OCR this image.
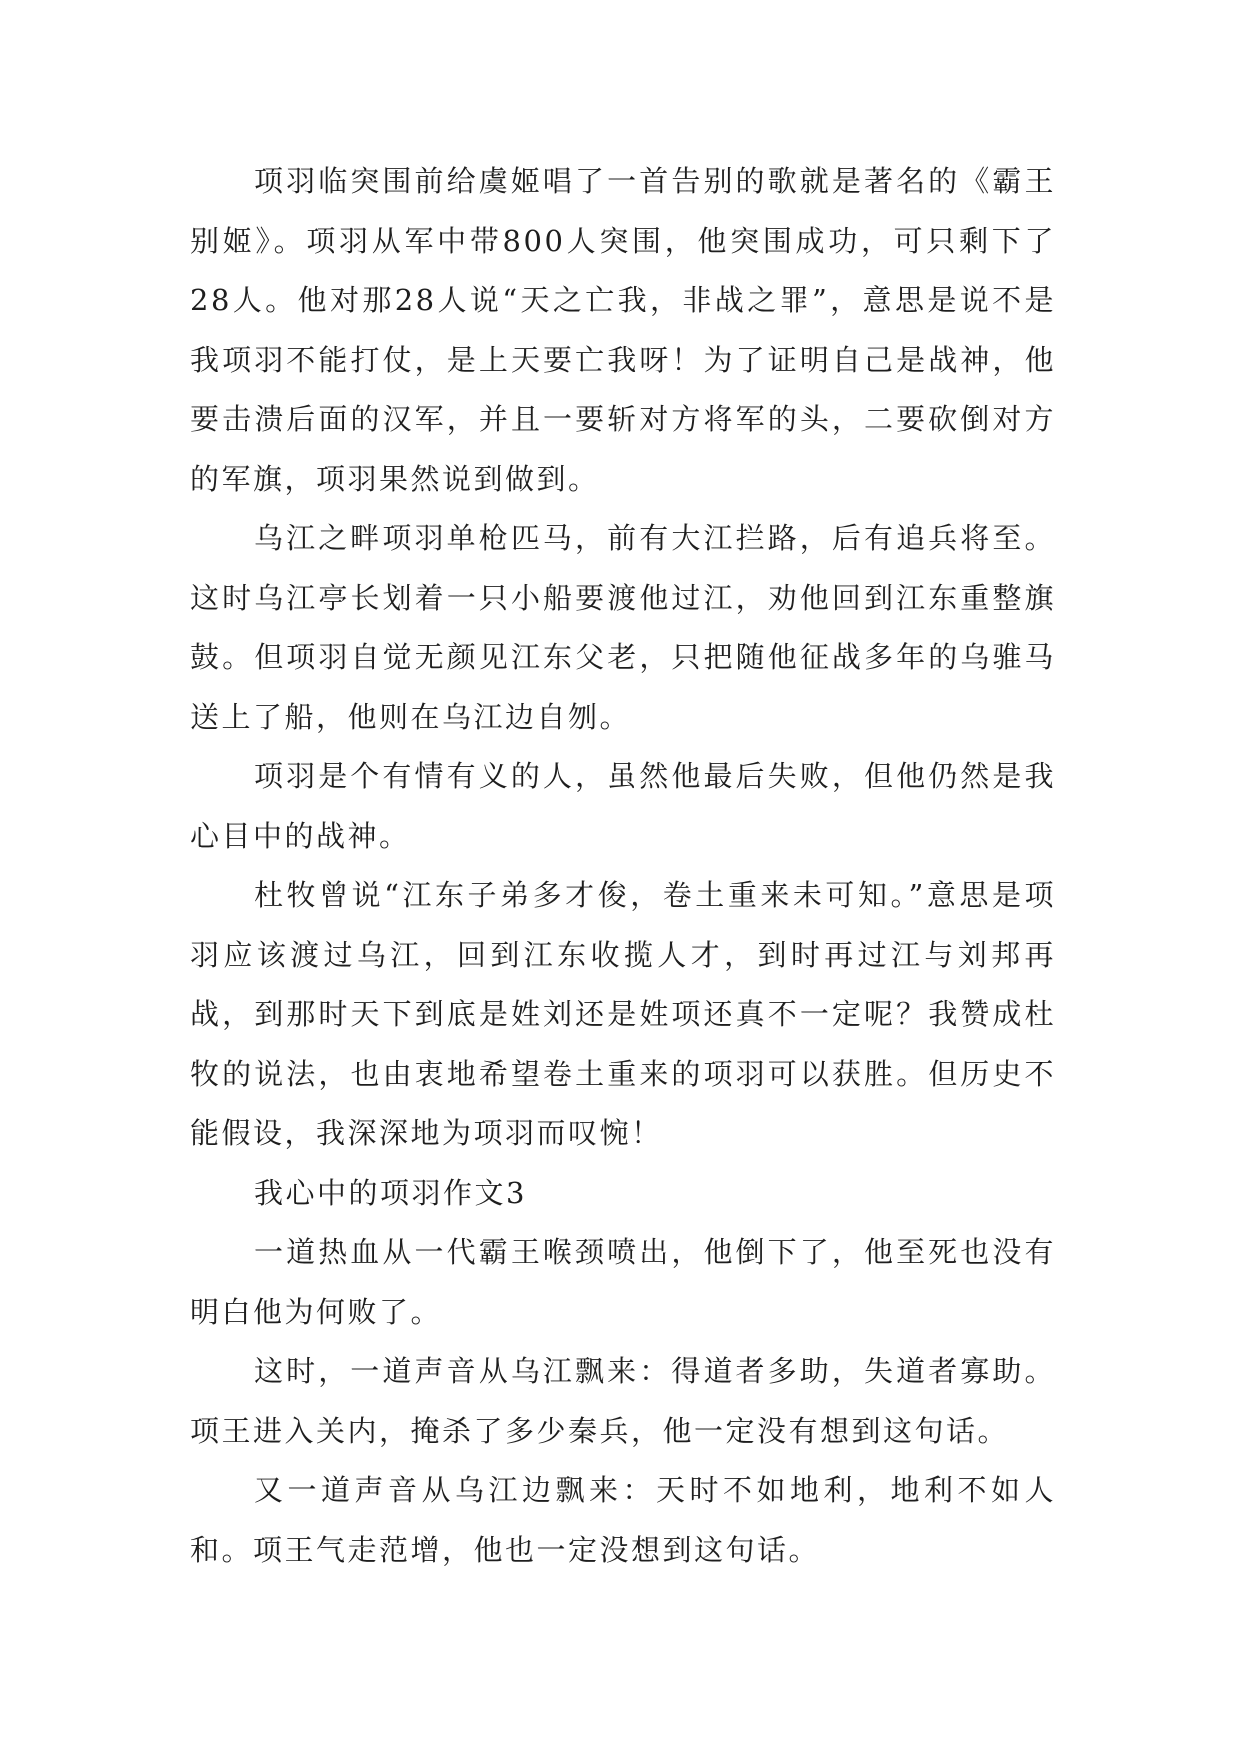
项羽临突围前给虞姬唱了一首告别的歌就是著名的《霸王别姬》。项羽从军中带800人突围，他突围成功，可只剩下了28人。他对那28人说“天之亡我，非战之罪”，意思是说不是我项羽不能打仗，是上天要亡我呀！为了证明自己是战神，他要击溃后面的汉军，并且一要斩对方将军的头，二要砍倒对方的军旗，项羽果然说到做到。

乌江之畔项羽单枪匹马，前有大江拦路，后有追兵将至。这时乌江亭长划着一只小船要渡他过江，劝他回到江东重整旗鼓。但项羽自觉无颜见江东父老，只把随他征战多年的乌骓马送上了船，他则在乌江边自刎。

项羽是个有情有义的人，虽然他最后失败，但他仍然是我心目中的战神。

杜牧曾说“江东子弟多才俊，卷土重来未可知。”意思是项羽应该渡过乌江，回到江东收揽人才，到时再过江与刘邦再战，到那时天下到底是姓刘还是姓项还真不一定呢？我赞成杜牧的说法，也由衷地希望卷土重来的项羽可以获胜。但历史不能假设，我深深地为项羽而叹惋！

我心中的项羽作文3

一道热血从一代霸王喉颈喷出，他倒下了，他至死也没有明白他为何败了。

这时，一道声音从乌江飘来：得道者多助，失道者寡助。项王进入关内，掩杀了多少秦兵，他一定没有想到这句话。

又一道声音从乌江边飘来：天时不如地利，地利不如人和。项王气走范增，他也一定没想到这句话。
